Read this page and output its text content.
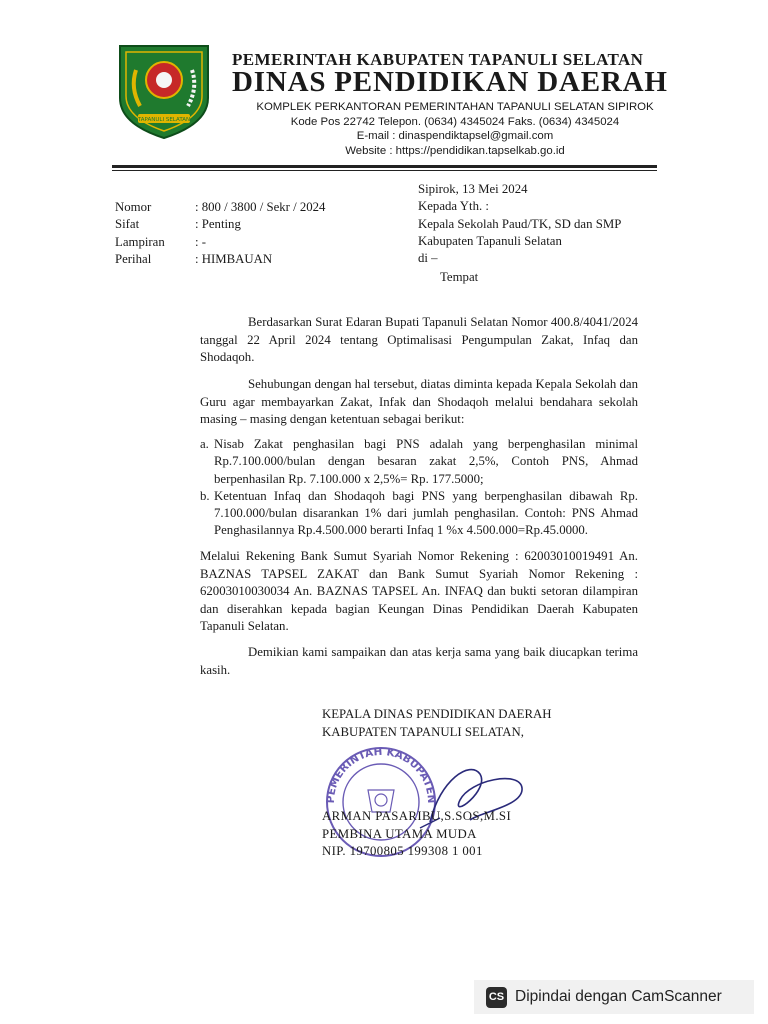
TAPANULI SELATAN
PEMERINTAH KABUPATEN TAPANULI SELATAN
DINAS PENDIDIKAN DAERAH
KOMPLEK PERKANTORAN PEMERINTAHAN TAPANULI SELATAN SIPIROK
Kode Pos 22742 Telepon. (0634) 4345024 Faks. (0634) 4345024
E-mail : dinaspendiktapsel@gmail.com
Website : https://pendidikan.tapselkab.go.id
Nomor	: 800 / 3800 / Sekr / 2024
Sifat	: Penting
Lampiran	: -
Perihal	: HIMBAUAN
Sipirok, 13 Mei 2024
Kepada Yth. :
Kepala Sekolah Paud/TK, SD dan SMP
Kabupaten Tapanuli Selatan
di –
Tempat
Berdasarkan Surat Edaran Bupati Tapanuli Selatan Nomor 400.8/4041/2024 tanggal 22 April 2024 tentang Optimalisasi Pengumpulan Zakat, Infaq dan Shodaqoh.
Sehubungan dengan hal tersebut, diatas diminta kepada Kepala Sekolah dan Guru agar membayarkan Zakat, Infak dan Shodaqoh melalui bendahara sekolah masing – masing dengan ketentuan sebagai berikut:
a. Nisab Zakat penghasilan bagi PNS adalah yang berpenghasilan minimal Rp.7.100.000/bulan dengan besaran zakat 2,5%, Contoh PNS, Ahmad berpenhasilan Rp. 7.100.000 x 2,5%= Rp. 177.5000;
b. Ketentuan Infaq dan Shodaqoh bagi PNS yang berpenghasilan dibawah Rp. 7.100.000/bulan disarankan 1% dari jumlah penghasilan. Contoh: PNS Ahmad Penghasilannya Rp.4.500.000 berarti Infaq 1 %x 4.500.000=Rp.45.0000.
Melalui Rekening Bank Sumut Syariah Nomor Rekening : 62003010019491 An. BAZNAS TAPSEL ZAKAT dan Bank Sumut Syariah Nomor Rekening : 62003010030034 An. BAZNAS TAPSEL An. INFAQ dan bukti setoran dilampiran dan diserahkan kepada bagian Keungan Dinas Pendidikan Daerah Kabupaten Tapanuli Selatan.
Demikian kami sampaikan dan atas kerja sama yang baik diucapkan terima kasih.
KEPALA DINAS PENDIDIKAN DAERAH
KABUPATEN TAPANULI SELATAN,
PEMERINTAH KABUPATEN
ARMAN PASARIBU,S.SOS,M.SI
PEMBINA UTAMA MUDA
NIP. 19700805 199308 1 001
CS Dipindai dengan CamScanner
